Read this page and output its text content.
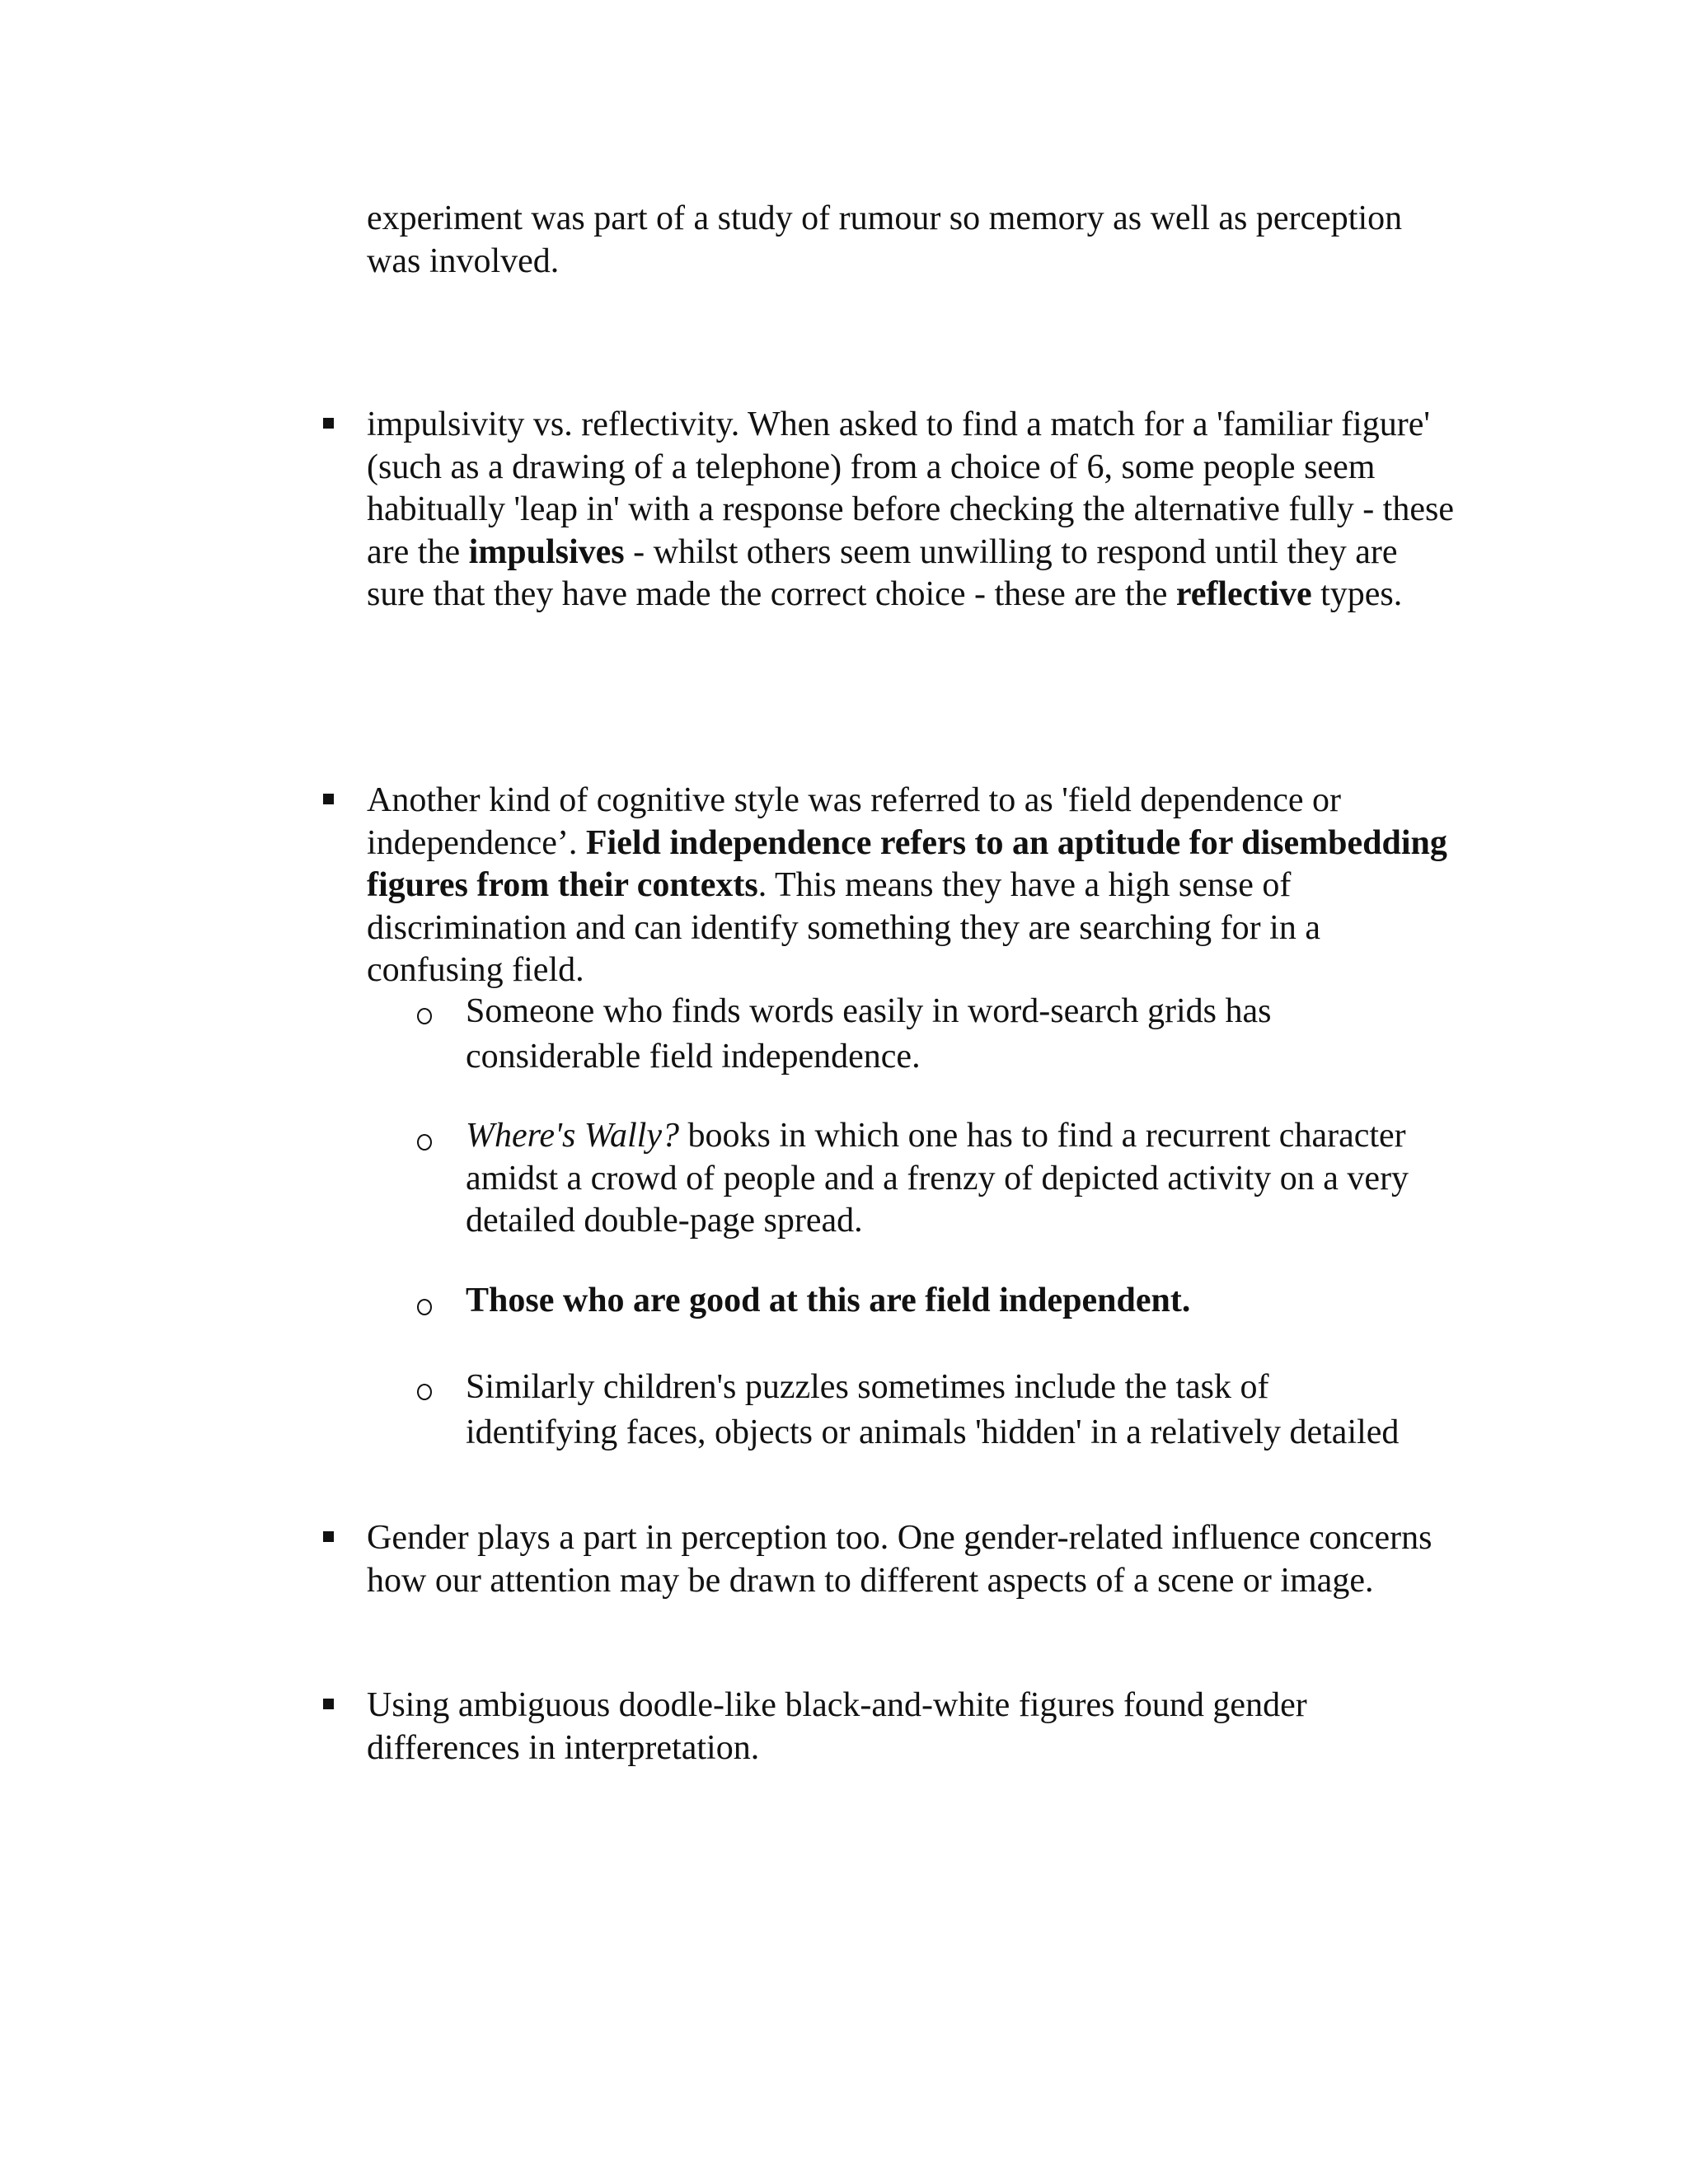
experiment was part of a study of rumour so memory as well as perception was involved.
impulsivity vs. reflectivity. When asked to find a match for a 'familiar figure' (such as a drawing of a telephone) from a choice of 6, some people seem habitually 'leap in' with a response before checking the alternative fully - these are the impulsives - whilst others seem unwilling to respond until they are sure that they have made the correct choice - these are the reflective types.
Another kind of cognitive style was referred to as 'field dependence or independence’. Field independence refers to an aptitude for disembedding figures from their contexts. This means they have a high sense of discrimination and can identify something they are searching for in a confusing field.
Someone who finds words easily in word-search grids has considerable field independence.
Where's Wally? books in which one has to find a recurrent character amidst a crowd of people and a frenzy of depicted activity on a very detailed double-page spread.
Those who are good at this are field independent.
Similarly children's puzzles sometimes include the task of identifying faces, objects or animals 'hidden' in a relatively detailed
Gender plays a part in perception too. One gender-related influence concerns how our attention may be drawn to different aspects of a scene or image.
Using ambiguous doodle-like black-and-white figures found gender differences in interpretation.
